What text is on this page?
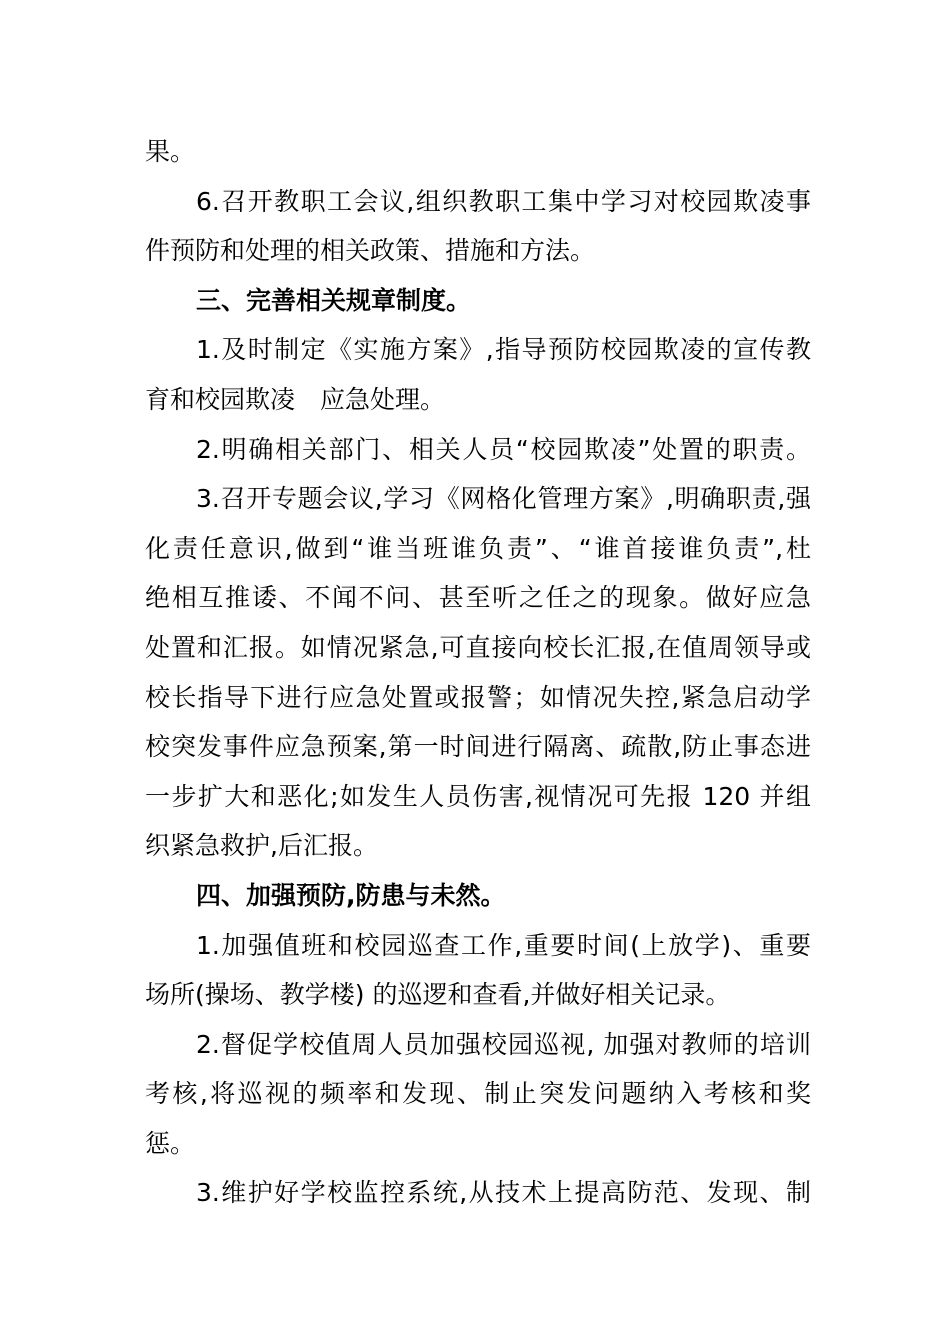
果。
6.召开教职工会议,组织教职工集中学习对校园欺凌事
件预防和处理的相关政策、措施和方法。
三、完善相关规章制度。
1.及时制定《实施方案》,指导预防校园欺凌的宣传教
育和校园欺凌　应急处理。
2.明确相关部门、相关人员“校园欺凌”处置的职责。
3.召开专题会议,学习《网格化管理方案》,明确职责,强
化责任意识,做到“谁当班谁负责”、“谁首接谁负责”,杜
绝相互推诿、不闻不问、甚至听之任之的现象。做好应急
处置和汇报。如情况紧急,可直接向校长汇报,在值周领导或
校长指导下进行应急处置或报警；如情况失控,紧急启动学
校突发事件应急预案,第一时间进行隔离、疏散,防止事态进
一步扩大和恶化;如发生人员伤害,视情况可先报 120 并组
织紧急救护,后汇报。
四、加强预防,防患与未然。
1.加强值班和校园巡查工作,重要时间(上放学)、重要
场所(操场、教学楼) 的巡逻和查看,并做好相关记录。
2.督促学校值周人员加强校园巡视, 加强对教师的培训
考核,将巡视的频率和发现、制止突发问题纳入考核和奖
惩。
3.维护好学校监控系统,从技术上提高防范、发现、制
